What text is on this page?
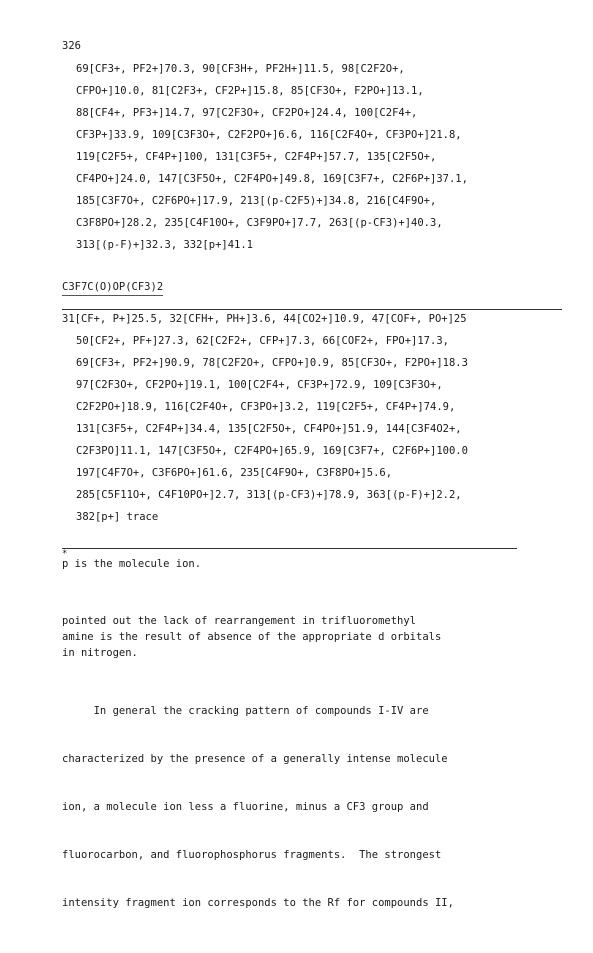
326
69[CF3+, PF2+]70.3, 90[CF3H+, PF2H+]11.5, 98[C2F2O+,
CFPO+]10.0, 81[C2F3+, CF2P+]15.8, 85[CF3O+, F2PO+]13.1,
88[CF4+, PF3+]14.7, 97[C2F3O+, CF2PO+]24.4, 100[C2F4+,
CF3P+]33.9, 109[C3F3O+, C2F2PO+]6.6, 116[C2F4O+, CF3PO+]21.8,
119[C2F5+, CF4P+]100, 131[C3F5+, C2F4P+]57.7, 135[C2F5O+,
CF4PO+]24.0, 147[C3F5O+, C2F4PO+]49.8, 169[C3F7+, C2F6P+]37.1,
185[C3F7O+, C2F6PO+]17.9, 213[(p-C2F5)+]34.8, 216[C4F9O+,
C3F8PO+]28.2, 235[C4F10O+, C3F9PO+]7.7, 263[(p-CF3)+]40.3,
313[(p-F)+]32.3, 332[p+]41.1
C3F7C(O)OP(CF3)2
31[CF+, P+]25.5, 32[CFH+, PH+]3.6, 44[CO2+]10.9, 47[COF+, PO+]25
50[CF2+, PF+]27.3, 62[C2F2+, CFP+]7.3, 66[COF2+, FPO+]17.3,
69[CF3+, PF2+]90.9, 78[C2F2O+, CFPO+]0.9, 85[CF3O+, F2PO+]18.3
97[C2F3O+, CF2PO+]19.1, 100[C2F4+, CF3P+]72.9, 109[C3F3O+,
C2F2PO+]18.9, 116[C2F4O+, CF3PO+]3.2, 119[C2F5+, CF4P+]74.9,
131[C3F5+, C2F4P+]34.4, 135[C2F5O+, CF4PO+]51.9, 144[C3F4O2+,
C2F3PO]11.1, 147[C3F5O+, C2F4PO+]65.9, 169[C3F7+, C2F6P+]100.0
197[C4F7O+, C3F6PO+]61.6, 235[C4F9O+, C3F8PO+]5.6,
285[C5F11O+, C4F10PO+]2.7, 313[(p-CF3)+]78.9, 363[(p-F)+]2.2,
382[p+] trace
*
p is the molecule ion.
pointed out the lack of rearrangement in trifluoromethyl
amine is the result of absence of the appropriate d orbitals
in nitrogen.

In general the cracking pattern of compounds I-IV are

characterized by the presence of a generally intense molecule

ion, a molecule ion less a fluorine, minus a CF3 group and

fluorocarbon, and fluorophosphorus fragments.  The strongest

intensity fragment ion corresponds to the Rf for compounds II,
